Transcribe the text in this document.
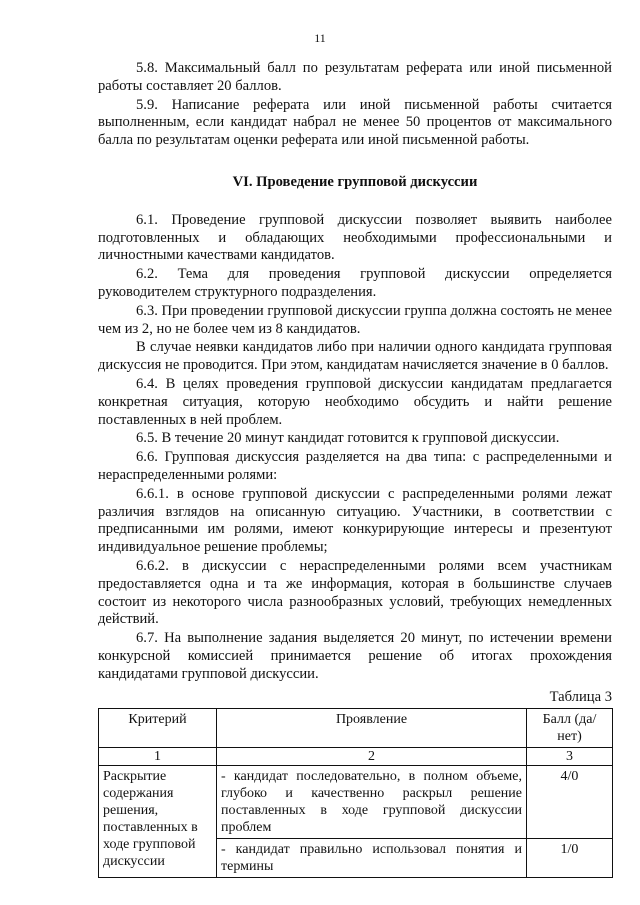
11

5.8. Максимальный балл по результатам реферата или иной письменной работы составляет 20 баллов.

5.9. Написание реферата или иной письменной работы считается выполненным, если кандидат набрал не менее 50 процентов от максимального балла по результатам оценки реферата или иной письменной работы.

VI. Проведение групповой дискуссии

6.1. Проведение групповой дискуссии позволяет выявить наиболее подготовленных и обладающих необходимыми профессиональными и личностными качествами кандидатов.

6.2. Тема для проведения групповой дискуссии определяется руководителем структурного подразделения.

6.3. При проведении групповой дискуссии группа должна состоять не менее чем из 2, но не более чем из 8 кандидатов.

В случае неявки кандидатов либо при наличии одного кандидата групповая дискуссия не проводится. При этом, кандидатам начисляется значение в 0 баллов.

6.4. В целях проведения групповой дискуссии кандидатам предлагается конкретная ситуация, которую необходимо обсудить и найти решение поставленных в ней проблем.

6.5. В течение 20 минут кандидат готовится к групповой дискуссии.

6.6. Групповая дискуссия разделяется на два типа: с распределенными и нераспределенными ролями:

6.6.1. в основе групповой дискуссии с распределенными ролями лежат различия взглядов на описанную ситуацию. Участники, в соответствии с предписанными им ролями, имеют конкурирующие интересы и презентуют индивидуальное решение проблемы;

6.6.2. в дискуссии с нераспределенными ролями всем участникам предоставляется одна и та же информация, которая в большинстве случаев состоит из некоторого числа разнообразных условий, требующих немедленных действий.

6.7. На выполнение задания выделяется 20 минут, по истечении времени конкурсной комиссией принимается решение об итогах прохождения кандидатами групповой дискуссии.

Таблица 3
Критерий	Проявление	Балл (да/нет)
1	2	3
Раскрытие содержания решения, поставленных в ходе групповой дискуссии	- кандидат последовательно, в полном объеме, глубоко и качественно раскрыл решение поставленных в ходе групповой дискуссии проблем	4/0
	- кандидат правильно использовал понятия и термины	1/0
